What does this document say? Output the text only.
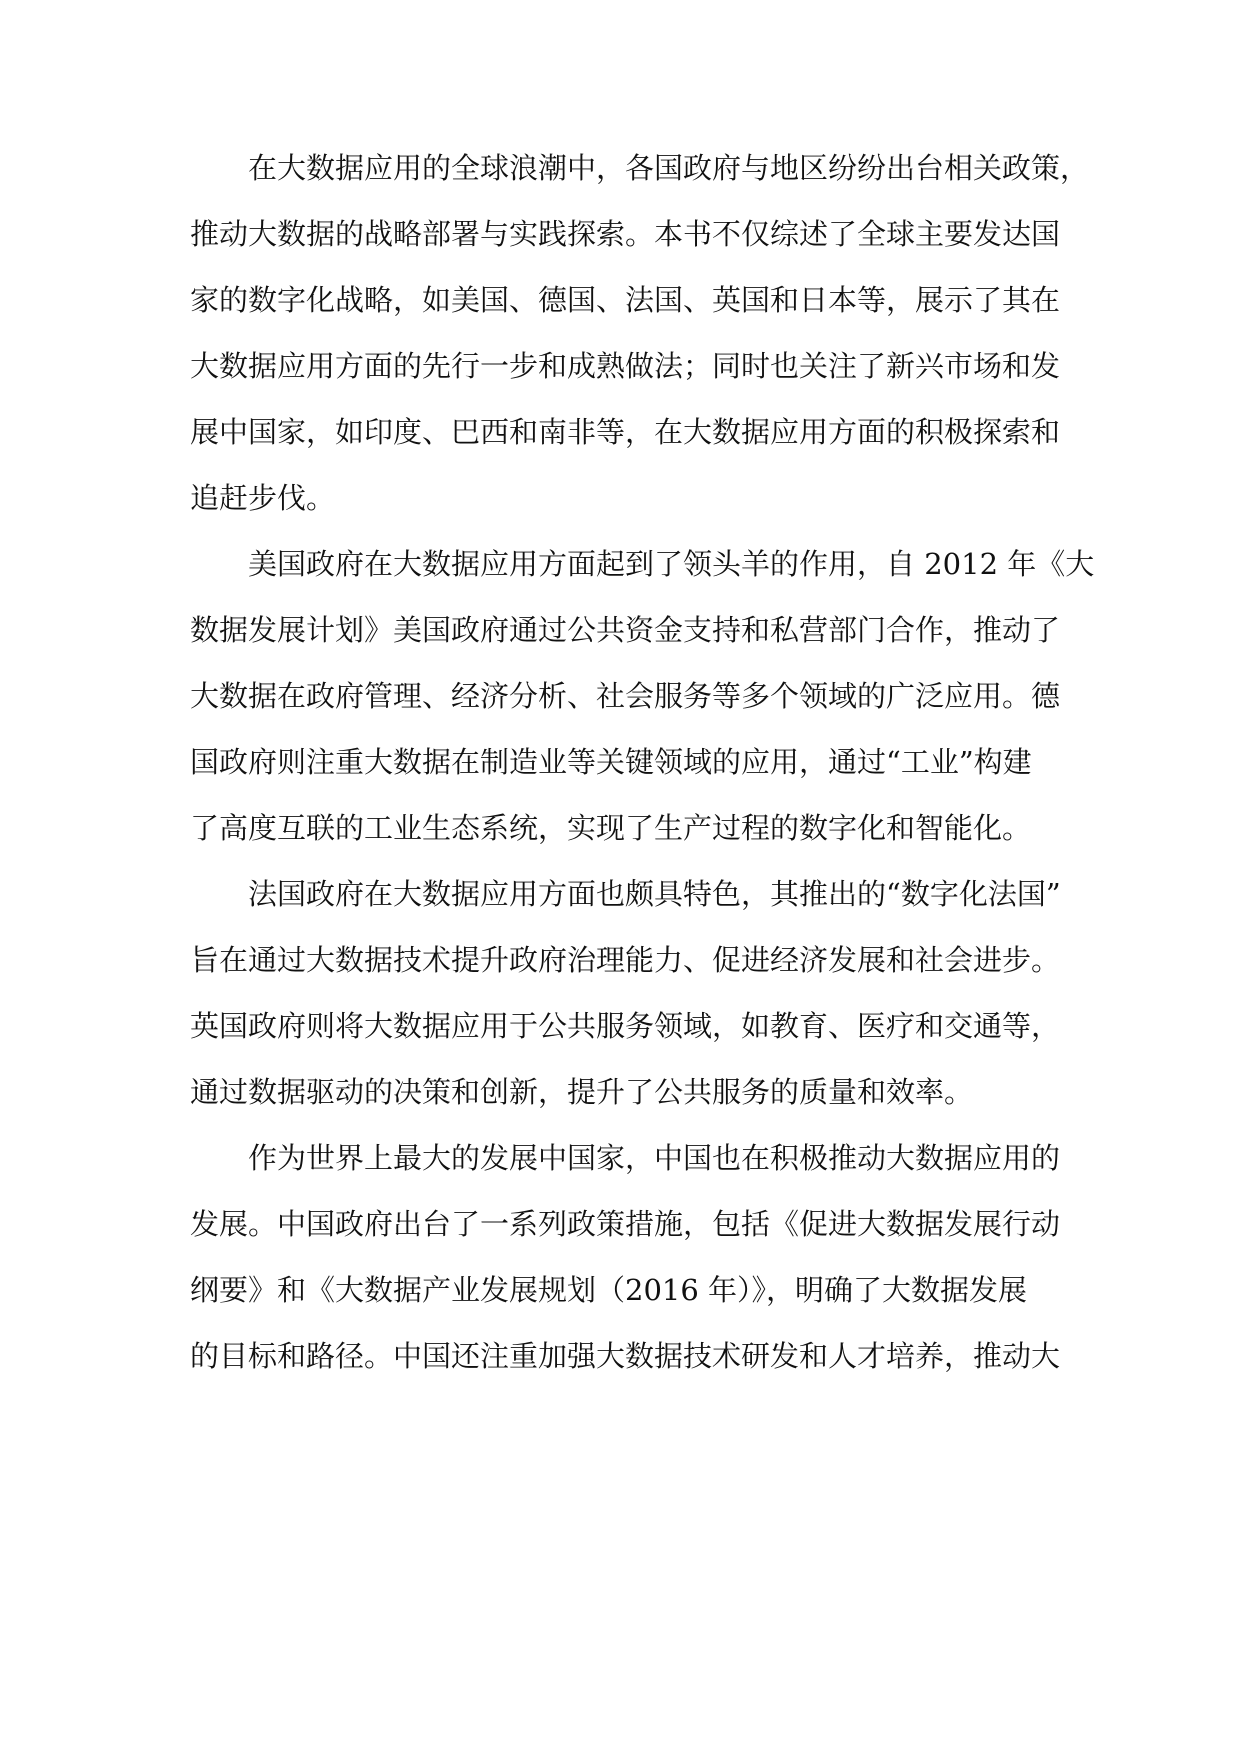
在大数据应用的全球浪潮中，各国政府与地区纷纷出台相关政策，
推动大数据的战略部署与实践探索。本书不仅综述了全球主要发达国
家的数字化战略，如美国、德国、法国、英国和日本等，展示了其在
大数据应用方面的先行一步和成熟做法；同时也关注了新兴市场和发
展中国家，如印度、巴西和南非等，在大数据应用方面的积极探索和
追赶步伐。
美国政府在大数据应用方面起到了领头羊的作用，自 2012 年《大
数据发展计划》美国政府通过公共资金支持和私营部门合作，推动了
大数据在政府管理、经济分析、社会服务等多个领域的广泛应用。德
国政府则注重大数据在制造业等关键领域的应用，通过“工业”构建
了高度互联的工业生态系统，实现了生产过程的数字化和智能化。
法国政府在大数据应用方面也颇具特色，其推出的“数字化法国”
旨在通过大数据技术提升政府治理能力、促进经济发展和社会进步。
英国政府则将大数据应用于公共服务领域，如教育、医疗和交通等，
通过数据驱动的决策和创新，提升了公共服务的质量和效率。
作为世界上最大的发展中国家，中国也在积极推动大数据应用的
发展。中国政府出台了一系列政策措施，包括《促进大数据发展行动
纲要》和《大数据产业发展规划（2016 年）》，明确了大数据发展
的目标和路径。中国还注重加强大数据技术研发和人才培养，推动大
